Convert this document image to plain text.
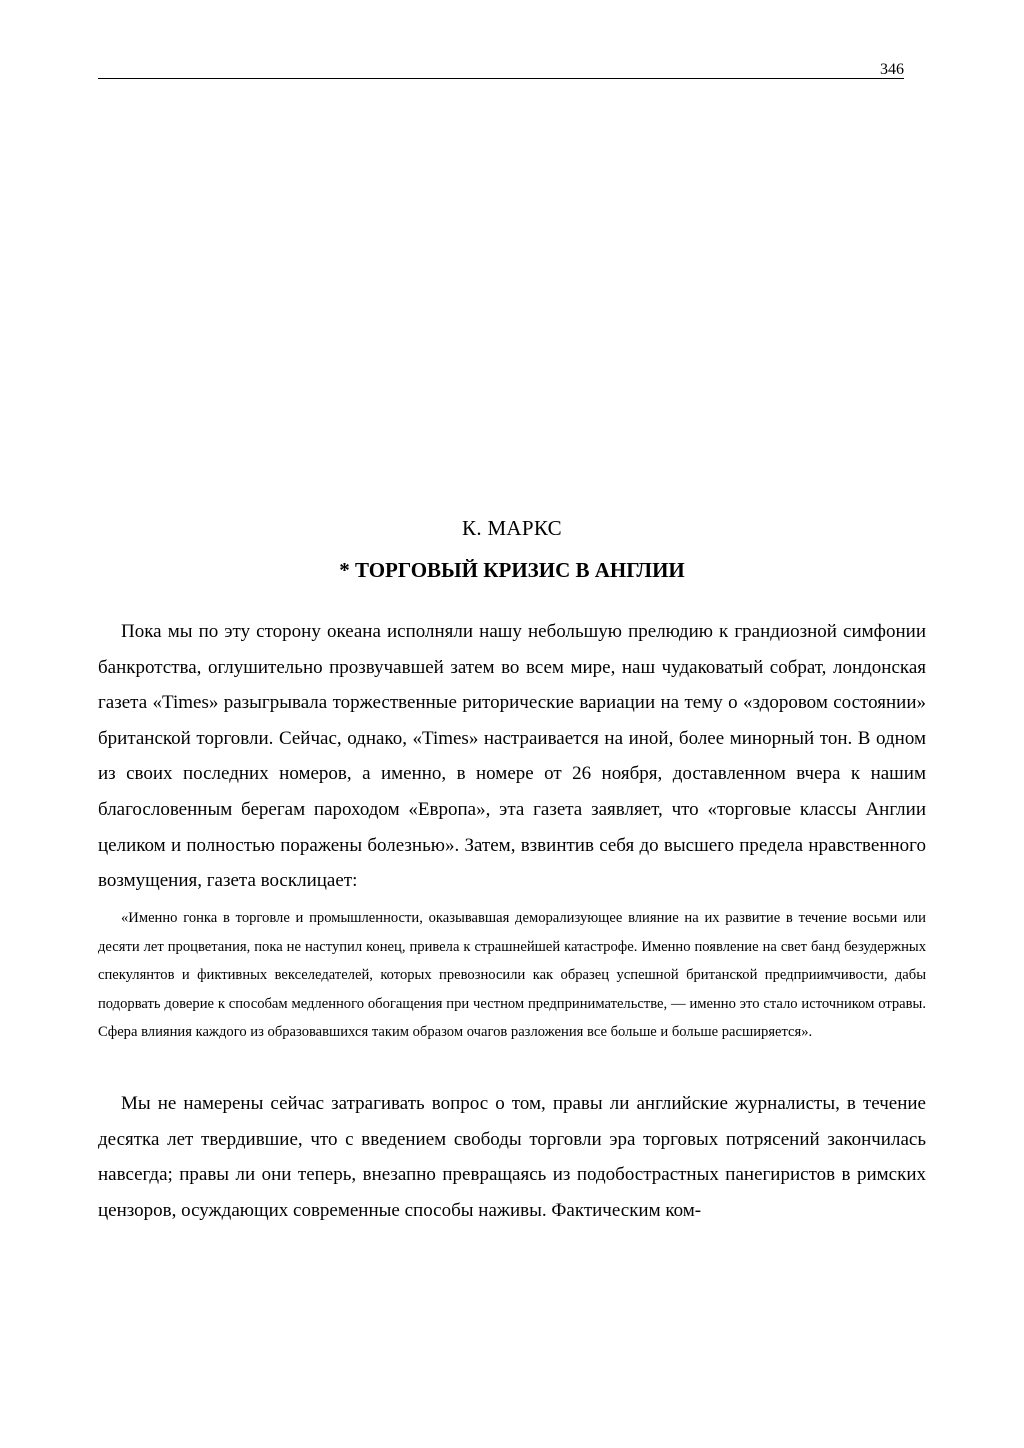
346
К. МАРКС
* ТОРГОВЫЙ КРИЗИС В АНГЛИИ

Пока мы по эту сторону океана исполняли нашу небольшую прелюдию к грандиозной симфонии банкротства, оглушительно прозвучавшей затем во всем мире, наш чудаковатый собрат, лондонская газета «Times» разыгрывала торжественные риторические вариации на тему о «здоровом состоянии» британской торговли. Сейчас, однако, «Times» настраивается на иной, более минорный тон. В одном из своих последних номеров, а именно, в номере от 26 ноября, доставленном вчера к нашим благословенным берегам пароходом «Европа», эта газета заявляет, что «торговые классы Англии целиком и полностью поражены болезнью». Затем, взвинтив себя до высшего предела нравственного возмущения, газета восклицает:

«Именно гонка в торговле и промышленности, оказывавшая деморализующее влияние на их развитие в течение восьми или десяти лет процветания, пока не наступил конец, привела к страшнейшей катастрофе. Именно появление на свет банд безудержных спекулянтов и фиктивных векселедателей, которых превозносили как образец успешной британской предприимчивости, дабы подорвать доверие к способам медленного обогащения при честном предпринимательстве, — именно это стало источником отравы. Сфера влияния каждого из образовавшихся таким образом очагов разложения все больше и больше расширяется».

Мы не намерены сейчас затрагивать вопрос о том, правы ли английские журналисты, в течение десятка лет твердившие, что с введением свободы торговли эра торговых потрясений закончилась навсегда; правы ли они теперь, внезапно превращаясь из подобострастных панегиристов в римских цензоров, осуждающих современные способы наживы. Фактическим ком-
